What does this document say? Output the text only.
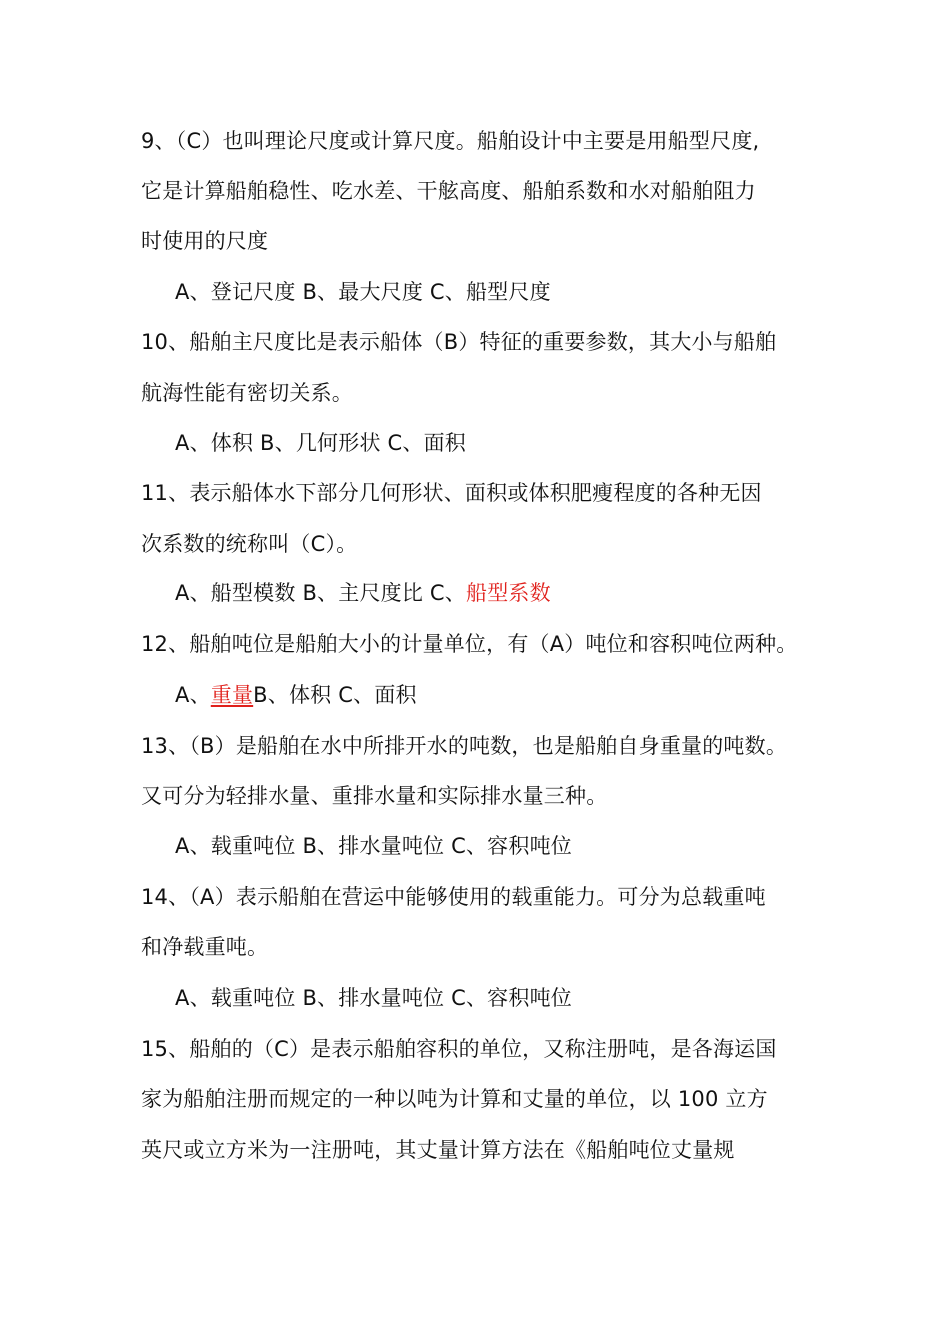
9、（C）也叫理论尺度或计算尺度。船舶设计中主要是用船型尺度,
它是计算船舶稳性、吃水差、干舷高度、船舶系数和水对船舶阻力
时使用的尺度
A、登记尺度 B、最大尺度 C、船型尺度
10、船舶主尺度比是表示船体（B）特征的重要参数，其大小与船舶
航海性能有密切关系。
A、体积 B、几何形状 C、面积
11、表示船体水下部分几何形状、面积或体积肥瘦程度的各种无因
次系数的统称叫（C）。
A、船型模数 B、主尺度比 C、船型系数
12、船舶吨位是船舶大小的计量单位，有（A）吨位和容积吨位两种。
A、重量B、体积 C、面积
13、（B）是船舶在水中所排开水的吨数，也是船舶自身重量的吨数。
又可分为轻排水量、重排水量和实际排水量三种。
A、载重吨位 B、排水量吨位 C、容积吨位
14、（A）表示船舶在营运中能够使用的载重能力。可分为总载重吨
和净载重吨。
A、载重吨位 B、排水量吨位 C、容积吨位
15、船舶的（C）是表示船舶容积的单位，又称注册吨，是各海运国
家为船舶注册而规定的一种以吨为计算和丈量的单位，以 100 立方
英尺或立方米为一注册吨，其丈量计算方法在《船舶吨位丈量规
